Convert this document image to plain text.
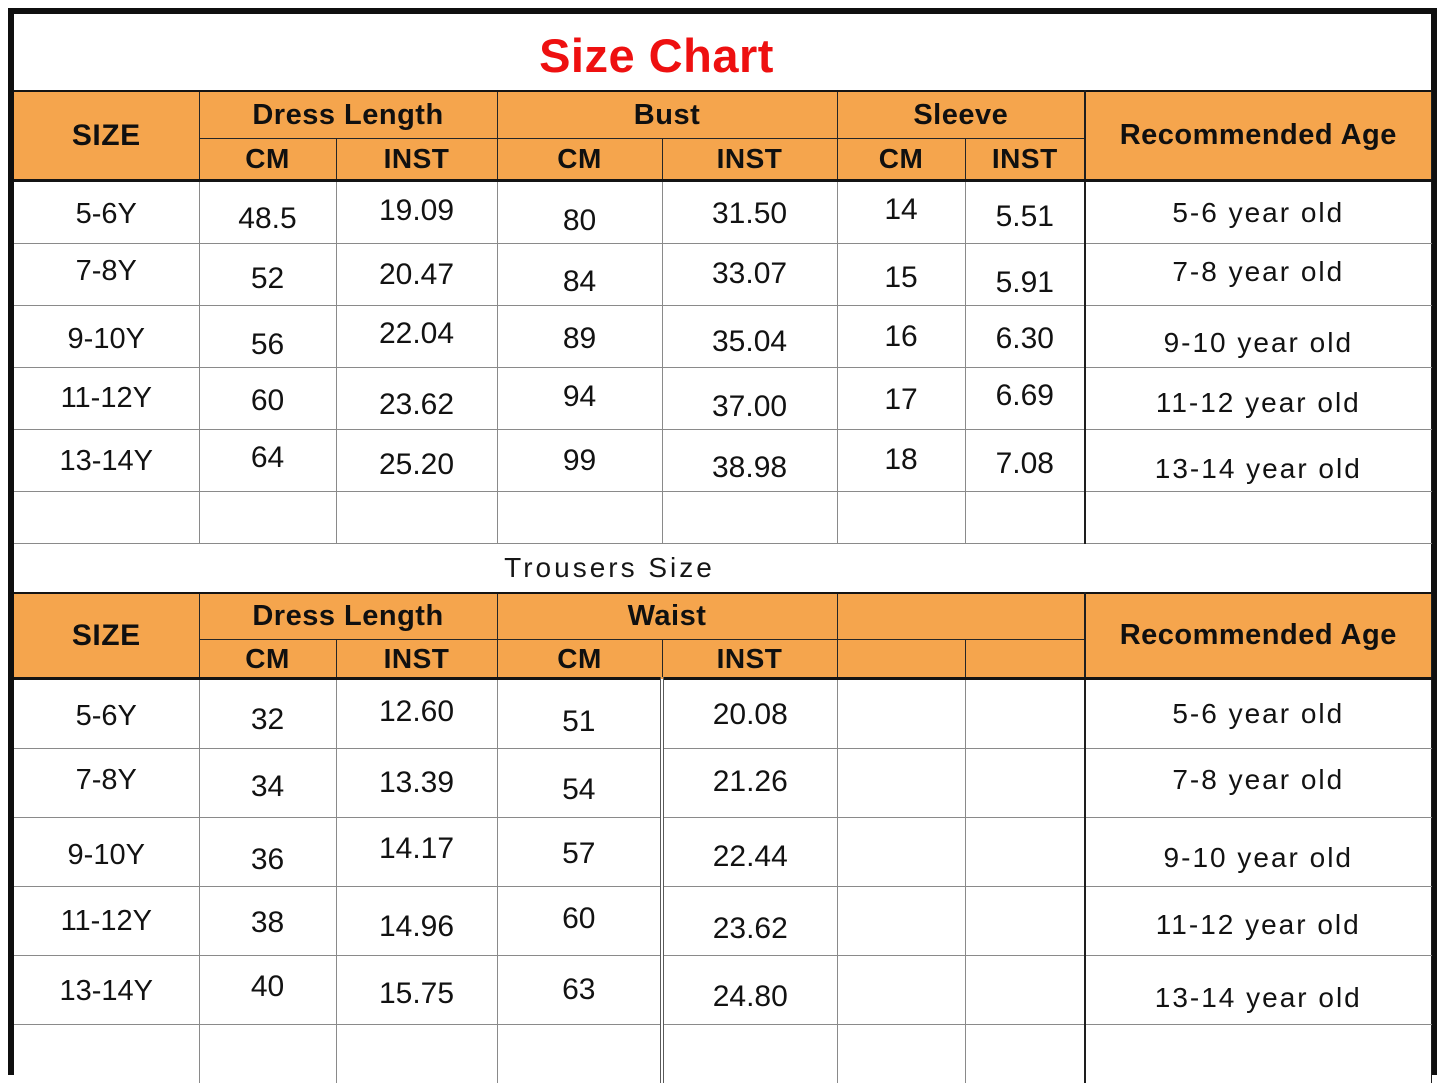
Size Chart
SIZE	Dress Length		Bust		Sleeve		Recommended Age
	CM	INST	CM	INST	CM	INST	
5-6Y	48.5	19.09	80	31.50	14	5.51	5-6 year old
7-8Y	52	20.47	84	33.07	15	5.91	7-8 year old
9-10Y	56	22.04	89	35.04	16	6.30	9-10 year old
11-12Y	60	23.62	94	37.00	17	6.69	11-12 year old
13-14Y	64	25.20	99	38.98	18	7.08	13-14 year old

Trousers Size
SIZE	Dress Length		Waist				Recommended Age
	CM	INST	CM	INST			
5-6Y	32	12.60	51	20.08			5-6 year old
7-8Y	34	13.39	54	21.26			7-8 year old
9-10Y	36	14.17	57	22.44			9-10 year old
11-12Y	38	14.96	60	23.62			11-12 year old
13-14Y	40	15.75	63	24.80			13-14 year old
